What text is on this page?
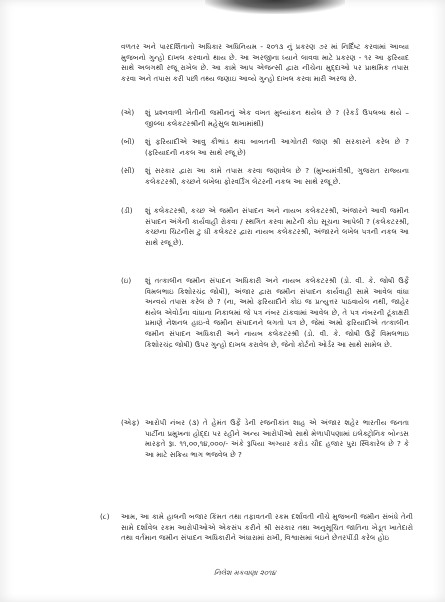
વળતર અને પારદર્શિતાનો અધિકાર અધિનિયમ - ૨૦૧૩ નું પ્રકરણ ૭ર માં નિર્દિષ્ટ કરવામાં આવ્યા મુજબનો ગુન્હો દાખલ કરવાનો થાય છે. આ અરજીના ધ્યાને લાવવા માટે પ્રકરણ - ૧ર આ ફરિયાદ સાથે અલગથી રજૂ રાખેલ છે. આ કામે આપ એજન્સી દ્વારા નીચેના મુદ્દાઓ પર પ્રાથમિક તપાસ કરવા અને તપાસ કરી પછી તથ્ય જણાઇ આવ્યે ગુન્હો દાખલ કરવા મારી અરજ છે.
(એ)	શું પ્રશ્નવાળી ખેતીની જમીનનું એક વખત મુલ્યાંકન થયેલ છે ? (રેકર્ડ ઉપલબ્ધ થયે – જીલ્લા કલેકટરશ્રીની મહેસુલ શાખામાંથી)
(બી)	શું ફરિયાદીએ આવુ કૌભાંડ થવા બાબતની આગોતરી જાણ શ્રી સરકારને કરેલ છે ? (ફરિયાદની નકલ આ સાથે રજૂ છે)
(સી)	શું સરકાર દ્વારા આ કામે તપાસ કરવા જણાવેલ છે ? (મુખ્યમંત્રીશ્રી, ગુજરાત રાજ્યના કલેકટરશ્રી, કચ્છને લખેલા ફોરવર્ડિંગ લેટરની નકલ આ સાથે રજૂ છે.
(ડી)	શું કલેકટરશ્રી, કચ્છ એ જમીન સંપાદન અને નાયબ કલેકટરશ્રી, અંજારને આવી જમીન સંપાદન અંગેની કાર્યવાહી રોકવા / સ્થગિત કરવા માટેની કોઇ સૂચના આપેલી ? (કલેકટરશ્રી, કચ્છના ચિટનીસ ટુ ધી કલેક્ટર દ્વારા નાયબ કલેકટરશ્રી, અંજારને લખેલ પત્રની નકલ આ સાથે રજૂ છે).
(ઇ)	શું તત્કાલીન જમીન સંપાદન અધિકારી અને નાયબ કલેકટરશ્રી (ડો. વી. કે. જોષી ઉર્ફે વિમલભાઇ કિશોરચંદ્ર જોષી), અંજાર દ્વારા જમીન સંપાદન કાર્યવાહી સામે આવેલ વાંધા અન્વયે તપાસ કરેલ છે ? (ના, અમો ફરિયાદીને કોઇ જ પ્રત્યુત્તર પાઠવાયેલ નથી, જાહેર થયેલ એવોર્ડના વાંધાના નિકાલમાં જે પત્ર નંબર ટાંકવામાં આવેલ છે, તે પત્ર નંબરની ટૂંકાક્ષરી પ્રમાણે નેશનલ હાઇ-વે જમીન સંપાદનને લગતો પત્ર છે, જેમાં અમો ફરિયાદીએ તત્કાલીન જમીન સંપાદન અધિકારી અને નાયબ કલેકટરશ્રી (ડો. વી. કે. જોષી ઉર્ફે વિમલભાઇ કિશોરચંદ્ર જોષી) ઉપર ગુન્હો દાખલ કરાવેલ છે, જેનો કોર્ટનો ઓર્ડર આ સાથે સામેલ છે.
(એફ) આરોપી નંબર (૩) તે હેમંત ઉર્ફે ડેની રજનીકાંત શાહ એ અંજાર શહેર ભારતીય જનતા પાર્ટીના પ્રમુખના હોદ્દા પર રહીને અન્ય આરોપીઓ સાથે મેળાપીપણામાં ઇલેક્ટ્રોનિક બોન્ડસ મારફતે રૂા. ૧૧,૦૦,૧૪,૦૦૦/- અંકે રૂપિયા અગ્યાર કરોડ ચૌદ હજાર પુરા સ્વિકારેલ છે ? કે આ માટે સક્રિય ભાગ ભજવેલ છે ?
(૮) આમ, આ કામે હાલની બજાર કિંમત તથા તફાવતની રકમ દર્શાવતી નીચે મુજબની જમીન સંબંધે તેની સામે દર્શાવેલ રકમ આરોપીઓએ એકસંપ કરીને શ્રી સરકાર તથા અનુસૂચિત જાતિના ખેડૂત ખાતેદારો તથા વર્તમાન જમીન સંપાદન અધિકારીને અંધારામાં રાખી, વિશ્વાસમાં લઇને છેતરપીંડી કરેલ હોઇ
નિલેશ મકવાણા ૨૦૧૪
